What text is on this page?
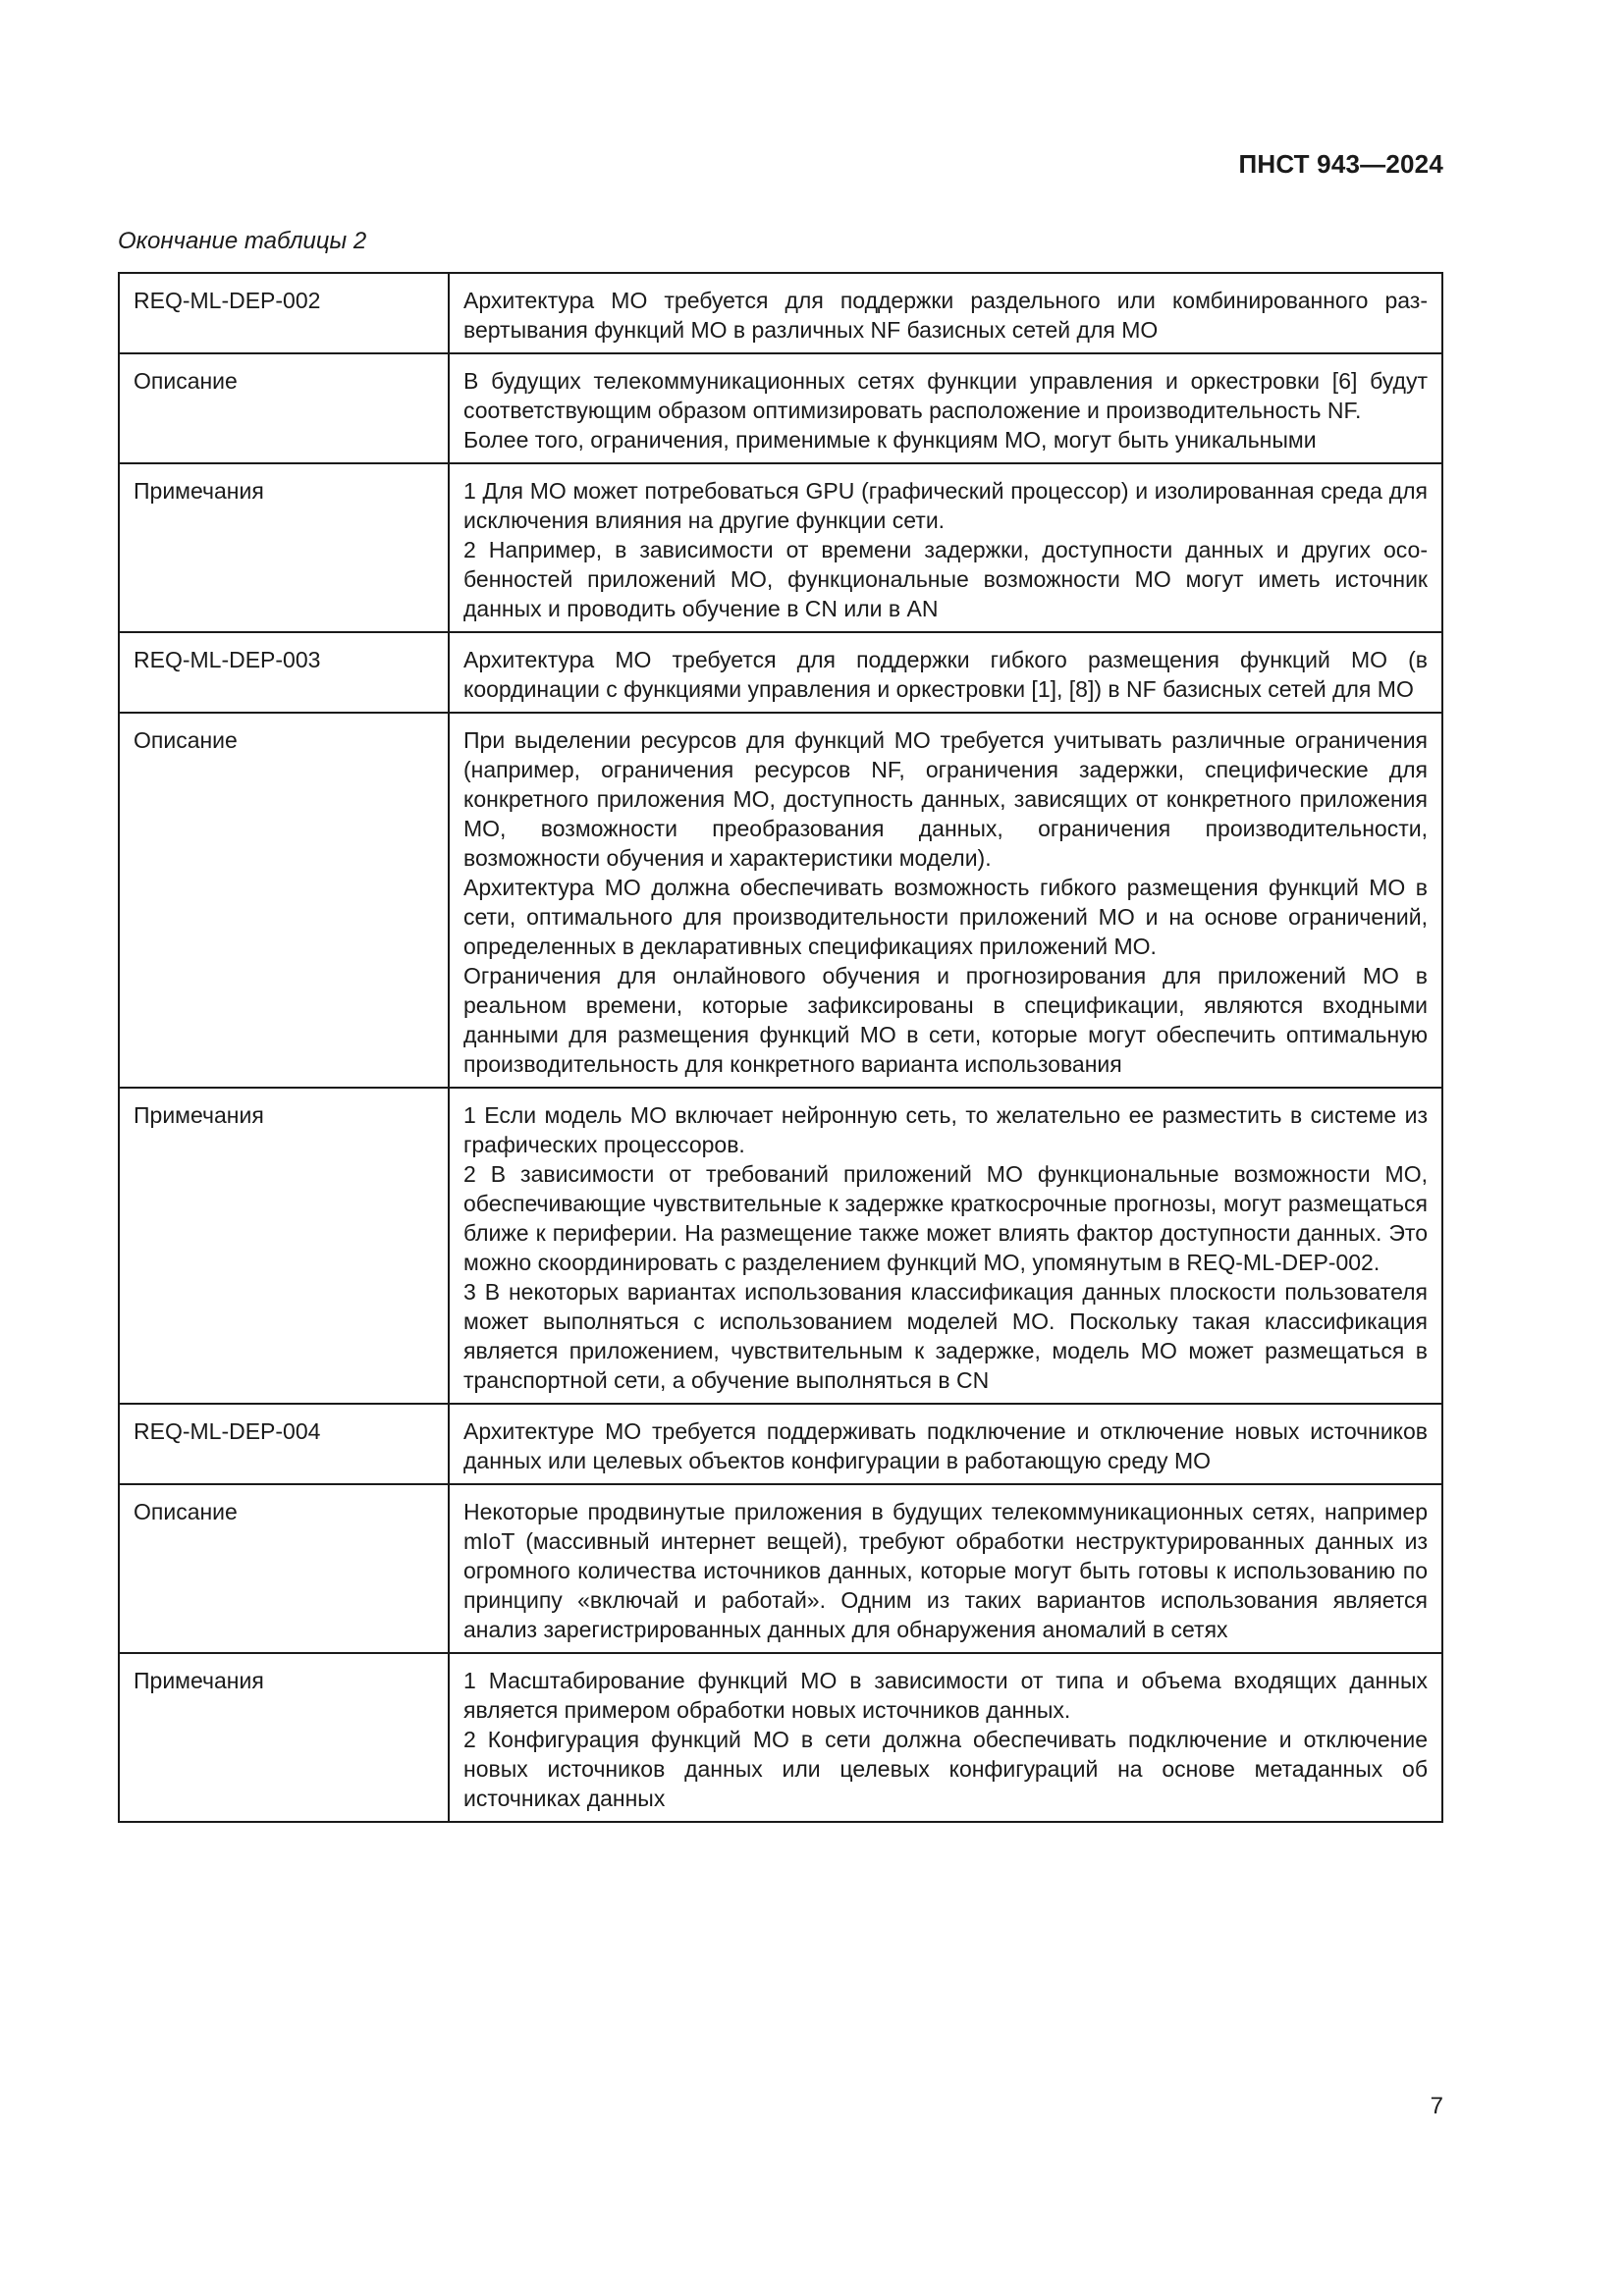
ПНСТ 943—2024
Окончание таблицы 2
REQ-ML-DEP-002	Архитектура МО требуется для поддержки раздельного или комбинированного развертывания функций МО в различных NF базисных сетей для МО

Описание	В будущих телекоммуникационных сетях функции управления и оркестровки [6] будут соответствующим образом оптимизировать расположение и производительность NF.
Более того, ограничения, применимые к функциям МО, могут быть уникальными

Примечания	1 Для МО может потребоваться GPU (графический процессор) и изолированная среда для исключения влияния на другие функции сети.
2 Например, в зависимости от времени задержки, доступности данных и других особенностей приложений МО, функциональные возможности МО могут иметь источник данных и проводить обучение в CN или в AN

REQ-ML-DEP-003	Архитектура МО требуется для поддержки гибкого размещения функций МО (в координации с функциями управления и оркестровки [1], [8]) в NF базисных сетей для МО

Описание	При выделении ресурсов для функций МО требуется учитывать различные ограничения (например, ограничения ресурсов NF, ограничения задержки, специфические для конкретного приложения МО, доступность данных, зависящих от конкретного приложения МО, возможности преобразования данных, ограничения производительности, возможности обучения и характеристики модели).
Архитектура МО должна обеспечивать возможность гибкого размещения функций МО в сети, оптимального для производительности приложений МО и на основе ограничений, определенных в декларативных спецификациях приложений МО.
Ограничения для онлайнового обучения и прогнозирования для приложений МО в реальном времени, которые зафиксированы в спецификации, являются входными данными для размещения функций МО в сети, которые могут обеспечить оптимальную производительность для конкретного варианта использования

Примечания	1 Если модель МО включает нейронную сеть, то желательно ее разместить в системе из графических процессоров.
2 В зависимости от требований приложений МО функциональные возможности МО, обеспечивающие чувствительные к задержке краткосрочные прогнозы, могут размещаться ближе к периферии. На размещение также может влиять фактор доступности данных. Это можно скоординировать с разделением функций МО, упомянутым в REQ-ML-DEP-002.
3 В некоторых вариантах использования классификация данных плоскости пользователя может выполняться с использованием моделей МО. Поскольку такая классификация является приложением, чувствительным к задержке, модель МО может размещаться в транспортной сети, а обучение выполняться в CN

REQ-ML-DEP-004	Архитектуре МО требуется поддерживать подключение и отключение новых источников данных или целевых объектов конфигурации в работающую среду МО

Описание	Некоторые продвинутые приложения в будущих телекоммуникационных сетях, например mIoT (массивный интернет вещей), требуют обработки неструктурированных данных из огромного количества источников данных, которые могут быть готовы к использованию по принципу «включай и работай». Одним из таких вариантов использования является анализ зарегистрированных данных для обнаружения аномалий в сетях

Примечания	1 Масштабирование функций МО в зависимости от типа и объема входящих данных является примером обработки новых источников данных.
2 Конфигурация функций МО в сети должна обеспечивать подключение и отключение новых источников данных или целевых конфигураций на основе метаданных об источниках данных
7
